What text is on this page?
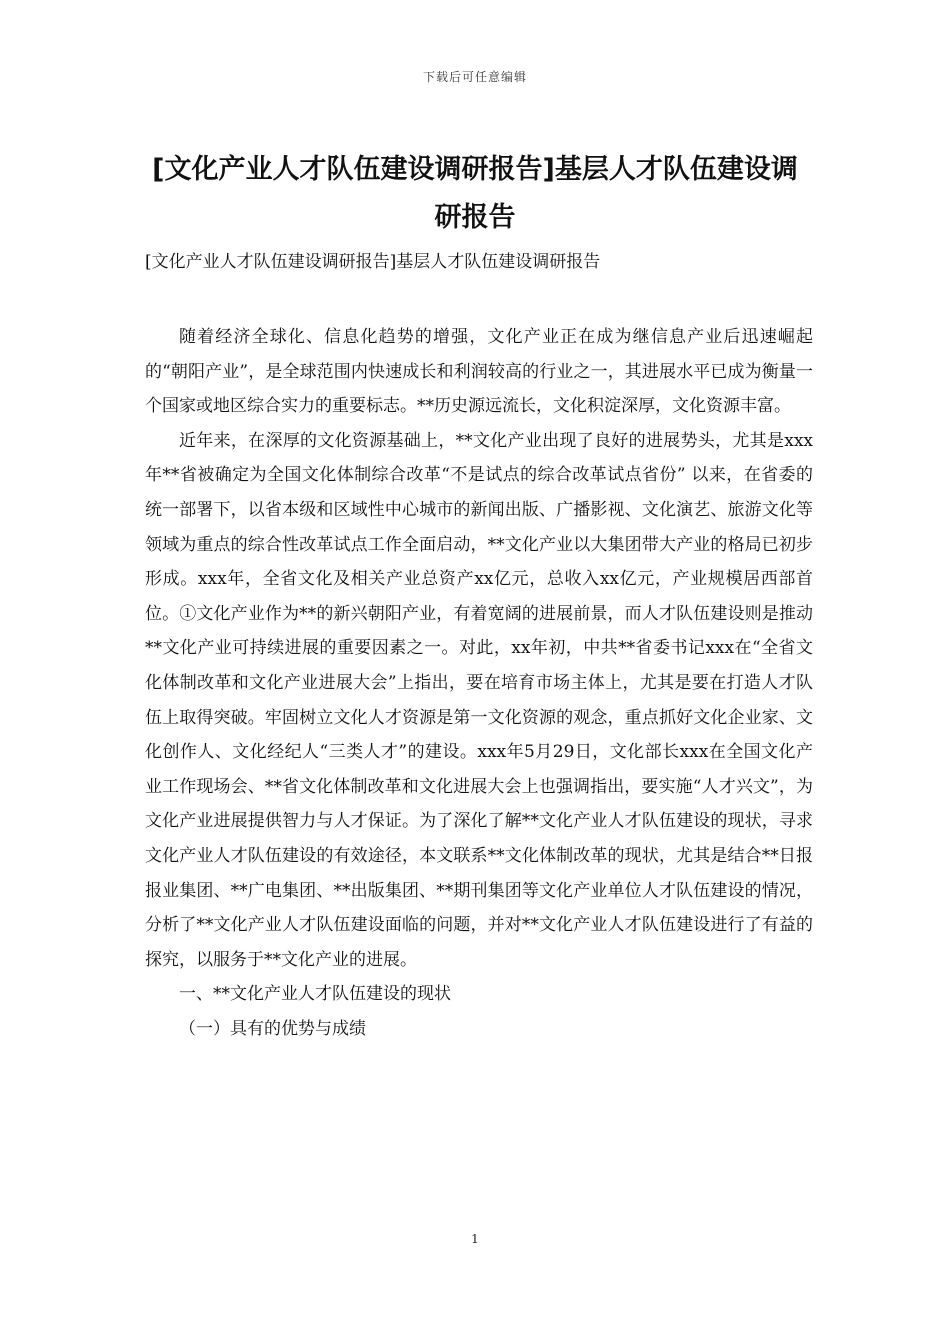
下载后可任意编辑
[文化产业人才队伍建设调研报告]基层人才队伍建设调研报告

[文化产业人才队伍建设调研报告]基层人才队伍建设调研报告

随着经济全球化、信息化趋势的增强，文化产业正在成为继信息产业后迅速崛起的“朝阳产业”，是全球范围内快速成长和利润较高的行业之一，其进展水平已成为衡量一个国家或地区综合实力的重要标志。**历史源远流长，文化积淀深厚，文化资源丰富。

近年来，在深厚的文化资源基础上，**文化产业出现了良好的进展势头，尤其是xxx年**省被确定为全国文化体制综合改革“不是试点的综合改革试点省份” 以来，在省委的统一部署下，以省本级和区域性中心城市的新闻出版、广播影视、文化演艺、旅游文化等领域为重点的综合性改革试点工作全面启动，**文化产业以大集团带大产业的格局已初步形成。xxx年，全省文化及相关产业总资产xx亿元，总收入xx亿元，产业规模居西部首位。①文化产业作为**的新兴朝阳产业，有着宽阔的进展前景，而人才队伍建设则是推动**文化产业可持续进展的重要因素之一。对此，xx年初，中共**省委书记xxx在“全省文化体制改革和文化产业进展大会”上指出，要在培育市场主体上，尤其是要在打造人才队伍上取得突破。牢固树立文化人才资源是第一文化资源的观念，重点抓好文化企业家、文化创作人、文化经纪人“三类人才”的建设。xxx年5月29日，文化部长xxx在全国文化产业工作现场会、**省文化体制改革和文化进展大会上也强调指出，要实施“人才兴文”，为文化产业进展提供智力与人才保证。为了深化了解**文化产业人才队伍建设的现状，寻求文化产业人才队伍建设的有效途径，本文联系**文化体制改革的现状，尤其是结合**日报报业集团、**广电集团、**出版集团、**期刊集团等文化产业单位人才队伍建设的情况，分析了**文化产业人才队伍建设面临的问题，并对**文化产业人才队伍建设进行了有益的探究，以服务于**文化产业的进展。

一、**文化产业人才队伍建设的现状

（一）具有的优势与成绩

1
